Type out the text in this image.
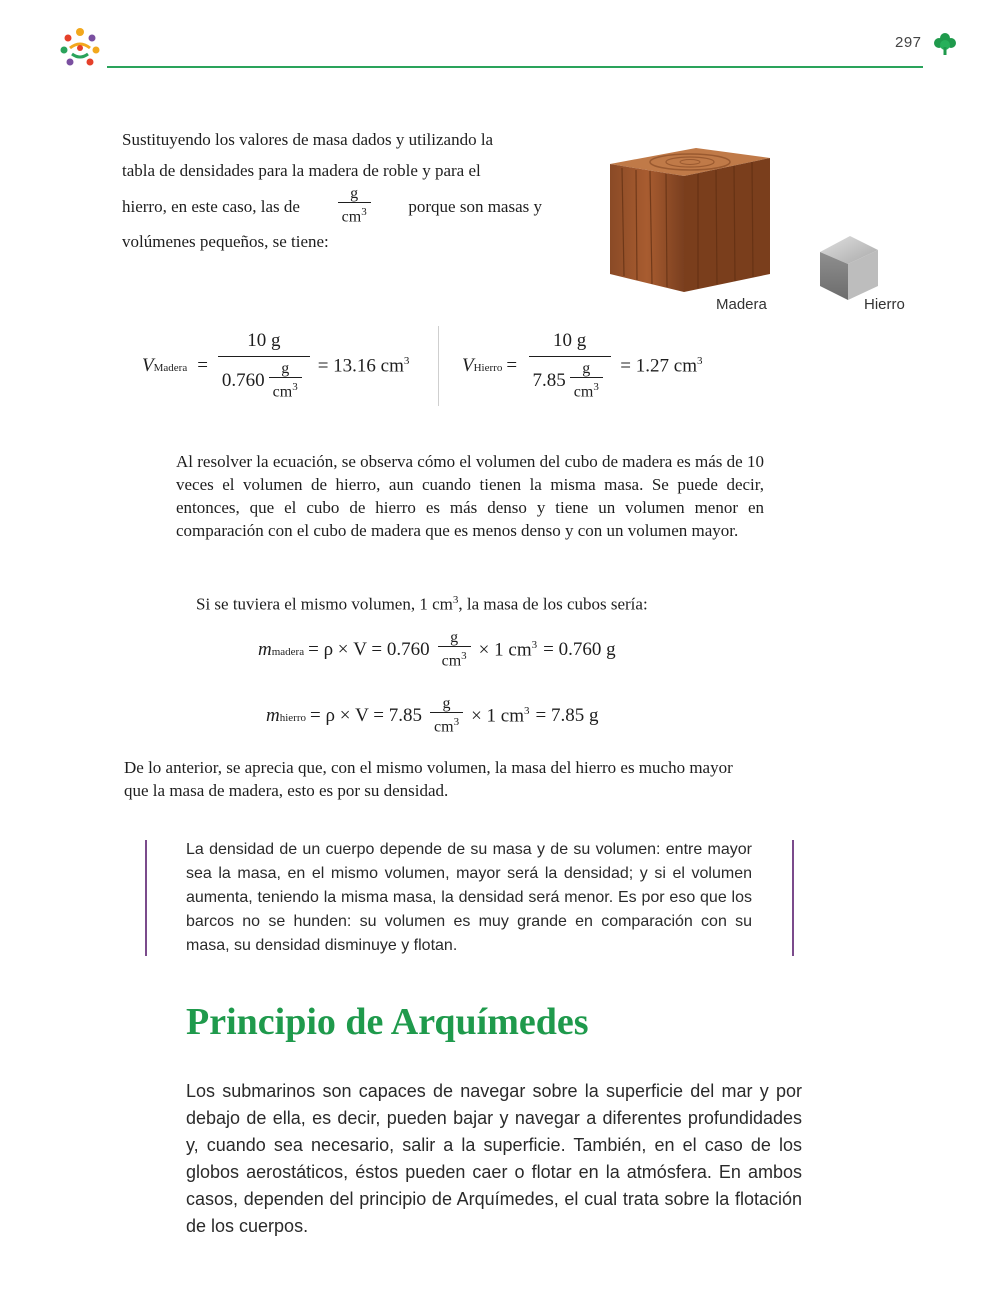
297
Sustituyendo los valores de masa dados y utilizando la
tabla de densidades para la madera de roble y para el
hierro, en este caso, las de $\frac{g}{cm^3}$ porque son masas y
volúmenes pequeños, se tiene:
Madera	Hierro
VMadera = $\frac{10 g}{0.760 \frac{g}{cm^3}} = 13.16$ $cm^3$	VHierro = $\frac{10 g}{7.85 \frac{g}{cm^3}} = 1.27$ $cm^3$
Al resolver la ecuación, se observa cómo el volumen del cubo de madera es más de 10 veces el volumen de hierro, aun cuando tienen la misma masa. Se puede decir, entonces, que el cubo de hierro es más denso y tiene un volumen menor en comparación con el cubo de madera que es menos denso y con un volumen mayor.
Si se tuviera el mismo volumen, 1 $cm^3$, la masa de los cubos sería:
mmadera = $\rho \times V = 0.760 \frac{g}{cm^3} \times 1$ $cm^3 = 0.760$ g
mhierro = $\rho \times V = 7.85 \frac{g}{cm^3} \times 1$ $cm^3 = 7.85$ g
De lo anterior, se aprecia que, con el mismo volumen, la masa del hierro es mucho mayor que la masa de madera, esto es por su densidad.
La densidad de un cuerpo depende de su masa y de su volumen: entre mayor sea la masa, en el mismo volumen, mayor será la densidad; y si el volumen aumenta, teniendo la misma masa, la densidad será menor. Es por eso que los barcos no se hunden: su volumen es muy grande en comparación con su masa, su densidad disminuye y flotan.
Principio de Arquímedes
Los submarinos son capaces de navegar sobre la superficie del mar y por debajo de ella, es decir, pueden bajar y navegar a diferentes profundidades y, cuando sea necesario, salir a la superficie. También, en el caso de los globos aerostáticos, éstos pueden caer o flotar en la atmósfera. En ambos casos, dependen del principio de Arquímedes, el cual trata sobre la flotación de los cuerpos.
